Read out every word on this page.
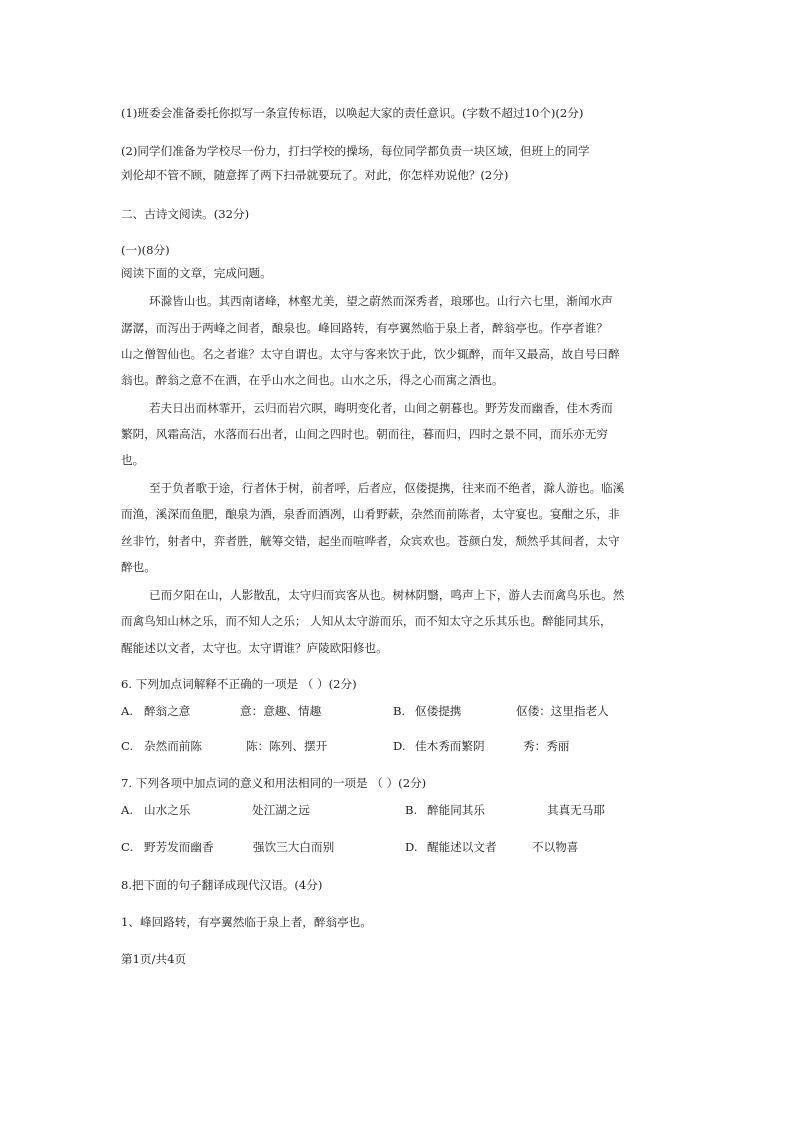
(1)班委会准备委托你拟写一条宣传标语，以唤起大家的责任意识。(字数不超过10个)(2分)
(2)同学们准备为学校尽一份力，打扫学校的操场，每位同学都负责一块区域，但班上的同学
刘伦却不管不顾，随意挥了两下扫帚就要玩了。对此，你怎样劝说他？(2分)
二、古诗文阅读。(32分)
(一)(8分)
阅读下面的文章，完成问题。
环滁皆山也。其西南诸峰，林壑尤美，望之蔚然而深秀者，琅琊也。山行六七里，渐闻水声
潺潺，而泻出于两峰之间者，酿泉也。峰回路转，有亭翼然临于泉上者，醉翁亭也。作亭者谁？
山之僧智仙也。名之者谁？太守自谓也。太守与客来饮于此，饮少辄醉，而年又最高，故自号曰醉
翁也。醉翁之意不在酒，在乎山水之间也。山水之乐，得之心而寓之酒也。
若夫日出而林霏开，云归而岩穴暝，晦明变化者，山间之朝暮也。野芳发而幽香，佳木秀而
繁阴，风霜高洁，水落而石出者，山间之四时也。朝而往，暮而归，四时之景不同，而乐亦无穷
也。
至于负者歌于途，行者休于树，前者呼，后者应，伛偻提携，往来而不绝者，滁人游也。临溪
而渔，溪深而鱼肥，酿泉为酒，泉香而酒冽，山肴野蔌，杂然而前陈者，太守宴也。宴酣之乐，非
丝非竹，射者中，弈者胜，觥筹交错，起坐而喧哗者，众宾欢也。苍颜白发，颓然乎其间者，太守
醉也。
已而夕阳在山，人影散乱，太守归而宾客从也。树林阴翳，鸣声上下，游人去而禽鸟乐也。然
而禽鸟知山林之乐，而不知人之乐； 人知从太守游而乐，而不知太守之乐其乐也。醉能同其乐，
醒能述以文者，太守也。太守谓谁？庐陵欧阳修也。
6. 下列加点词解释不正确的一项是 （ ）(2分)
A. 醉翁之意	意：意趣、情趣	B. 伛偻提携	伛偻：这里指老人
C. 杂然而前陈	陈：陈列、摆开	D. 佳木秀而繁阴	秀：秀丽
7. 下列各项中加点词的意义和用法相同的一项是 （ ）(2分)
A. 山水之乐	处江湖之远	B. 醉能同其乐	其真无马耶
C. 野芳发而幽香	强饮三大白而别	D. 醒能述以文者	不以物喜
8.把下面的句子翻译成现代汉语。(4分)
1、峰回路转，有亭翼然临于泉上者，醉翁亭也。
第1页/共4页
